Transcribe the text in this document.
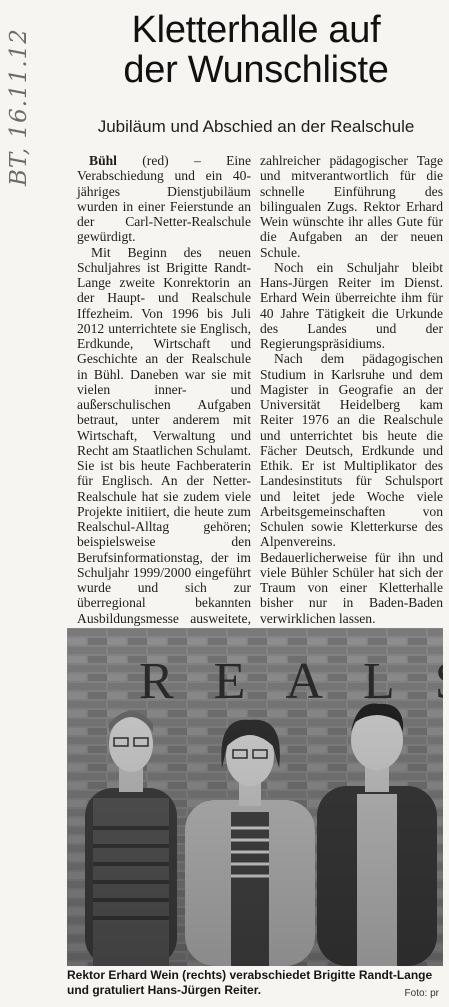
BT, 16.11.12	Kletterhalle auf
der Wunschliste
Jubiläum und Abschied an der Realschule

Bühl (red) – Eine Verabschiedung und ein 40-jähriges Dienstjubiläum wurden in einer Feierstunde an der Carl-Netter-Realschule gewürdigt.

Mit Beginn des neuen Schuljahres ist Brigitte Randt-Lange zweite Konrektorin an der Haupt- und Realschule Iffezheim. Von 1996 bis Juli 2012 unterrichtete sie Englisch, Erdkunde, Wirtschaft und Geschichte an der Realschule in Bühl. Daneben war sie mit vielen inner- und außerschulischen Aufgaben betraut, unter anderem mit Wirtschaft, Verwaltung und Recht am Staatlichen Schulamt. Sie ist bis heute Fachberaterin für Englisch. An der Netter-Realschule hat sie zudem viele Projekte initiiert, die heute zum Realschul-Alltag gehören; beispielsweise den Berufsinformationstag, der im Schuljahr 1999/2000 eingeführt wurde und sich zur überregional bekannten Ausbildungsmesse ausweitete,

zahlreicher pädagogischer Tage und mitverantwortlich für die schnelle Einführung des bilingualen Zugs. Rektor Erhard Wein wünschte ihr alles Gute für die Aufgaben an der neuen Schule.

Noch ein Schuljahr bleibt Hans-Jürgen Reiter im Dienst. Erhard Wein überreichte ihm für 40 Jahre Tätigkeit die Urkunde des Landes und der Regierungspräsidiums.

Nach dem pädagogischen Studium in Karlsruhe und dem Magister in Geografie an der Universität Heidelberg kam Reiter 1976 an die Realschule und unterrichtet bis heute die Fächer Deutsch, Erdkunde und Ethik. Er ist Multiplikator des Landesinstituts für Schulsport und leitet jede Woche viele Arbeitsgemeinschaften von Schulen sowie Kletterkurse des Alpenvereins. Bedauerlicherweise für ihn und viele Bühler Schüler hat sich der Traum von einer Kletterhalle bisher nur in Baden-Baden verwirklichen lassen.

Rektor Erhard Wein (rechts) verabschiedet Brigitte Randt-Lange und gratuliert Hans-Jürgen Reiter.	Foto: pr
